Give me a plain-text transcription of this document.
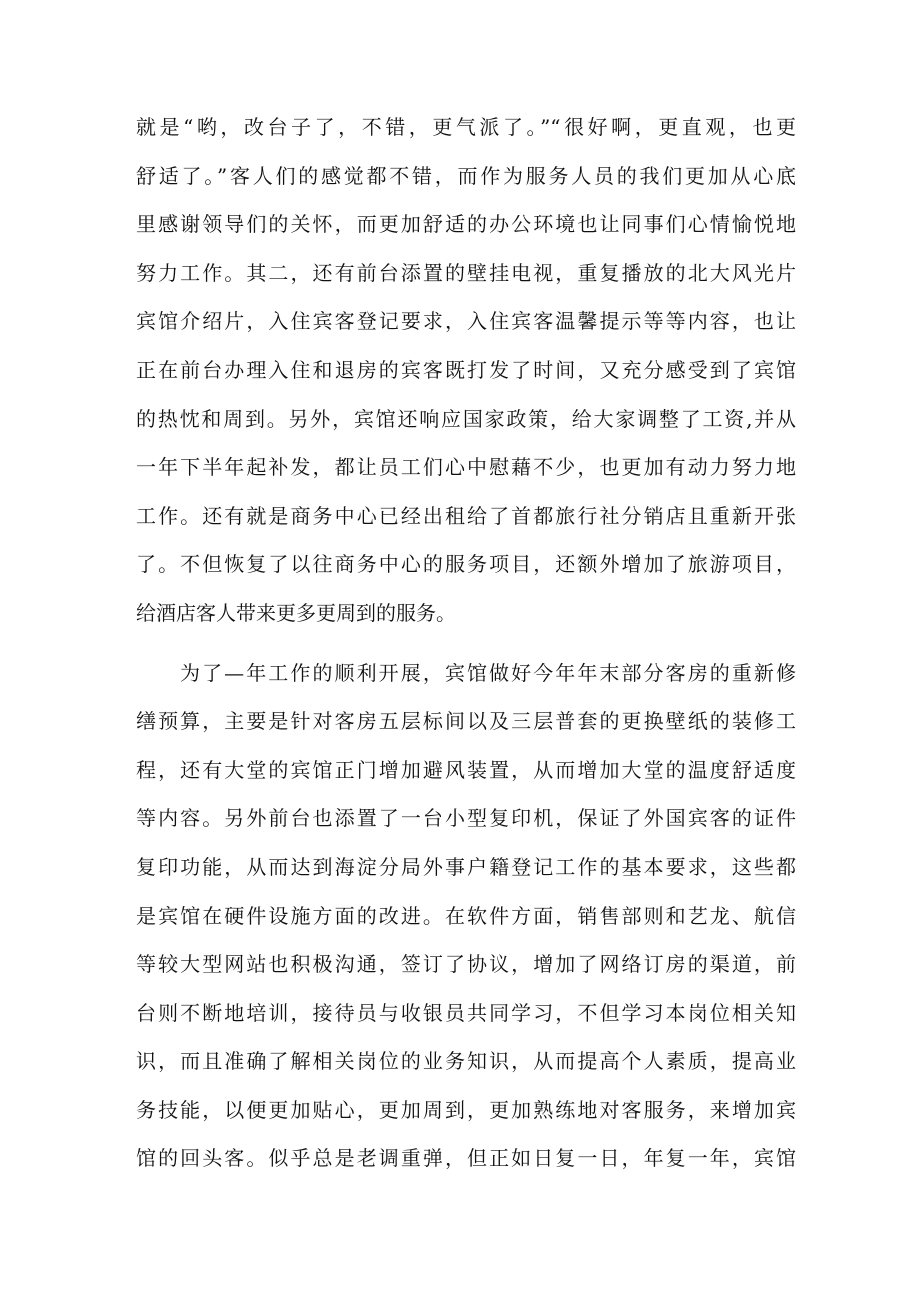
就是“哟，改台子了，不错，更气派了。”“很好啊，更直观，也更
舒适了。”客人们的感觉都不错，而作为服务人员的我们更加从心底
里感谢领导们的关怀，而更加舒适的办公环境也让同事们心情愉悦地
努力工作。其二，还有前台添置的壁挂电视，重复播放的北大风光片
宾馆介绍片，入住宾客登记要求，入住宾客温馨提示等等内容，也让
正在前台办理入住和退房的宾客既打发了时间，又充分感受到了宾馆
的热忱和周到。另外，宾馆还响应国家政策，给大家调整了工资,并从
一年下半年起补发，都让员工们心中慰藉不少，也更加有动力努力地
工作。还有就是商务中心已经出租给了首都旅行社分销店且重新开张
了。不但恢复了以往商务中心的服务项目，还额外增加了旅游项目，
给酒店客人带来更多更周到的服务。
为了—年工作的顺利开展，宾馆做好今年年末部分客房的重新修
缮预算，主要是针对客房五层标间以及三层普套的更换壁纸的装修工
程，还有大堂的宾馆正门增加避风装置，从而增加大堂的温度舒适度
等内容。另外前台也添置了一台小型复印机，保证了外国宾客的证件
复印功能，从而达到海淀分局外事户籍登记工作的基本要求，这些都
是宾馆在硬件设施方面的改进。在软件方面，销售部则和艺龙、航信
等较大型网站也积极沟通，签订了协议，增加了网络订房的渠道，前
台则不断地培训，接待员与收银员共同学习，不但学习本岗位相关知
识，而且准确了解相关岗位的业务知识，从而提高个人素质，提高业
务技能，以便更加贴心，更加周到，更加熟练地对客服务，来增加宾
馆的回头客。似乎总是老调重弹，但正如日复一日，年复一年，宾馆
